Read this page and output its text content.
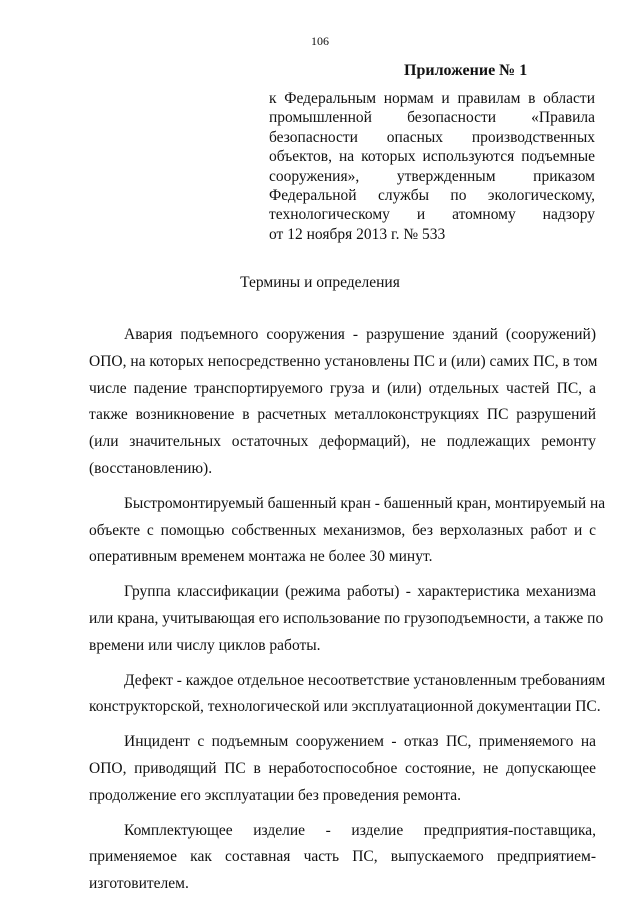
106
Приложение № 1
к Федеральным нормам и правилам в области
промышленной безопасности «Правила
безопасности опасных производственных
объектов, на которых используются подъемные
сооружения», утвержденным приказом
Федеральной службы по экологическому,
технологическому и атомному надзору
от 12 ноября 2013 г. № 533
Термины и определения
Авария подъемного сооружения - разрушение зданий (сооружений)
ОПО, на которых непосредственно установлены ПС и (или) самих ПС, в том
числе падение транспортируемого груза и (или) отдельных частей ПС, а
также возникновение в расчетных металлоконструкциях ПС разрушений
(или значительных остаточных деформаций), не подлежащих ремонту
(восстановлению).
Быстромонтируемый башенный кран - башенный кран, монтируемый на
объекте с помощью собственных механизмов, без верхолазных работ и с
оперативным временем монтажа не более 30 минут.
Группа классификации (режима работы) - характеристика механизма
или крана, учитывающая его использование по грузоподъемности, а также по
времени или числу циклов работы.
Дефект - каждое отдельное несоответствие установленным требованиям
конструкторской, технологической или эксплуатационной документации ПС.
Инцидент с подъемным сооружением - отказ ПС, применяемого на
ОПО, приводящий ПС в неработоспособное состояние, не допускающее
продолжение его эксплуатации без проведения ремонта.
Комплектующее изделие - изделие предприятия-поставщика,
применяемое как составная часть ПС, выпускаемого предприятием-
изготовителем.
